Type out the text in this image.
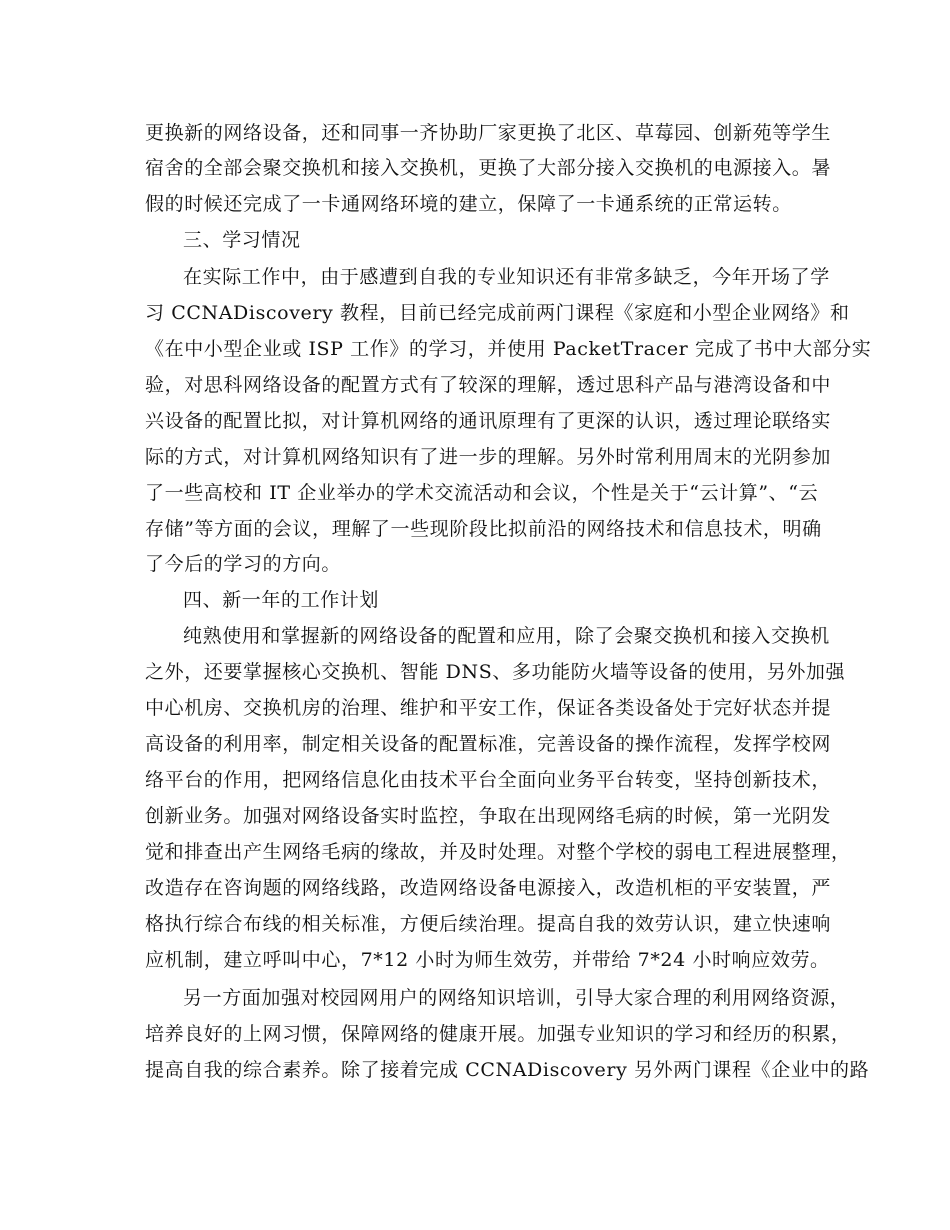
更换新的网络设备，还和同事一齐协助厂家更换了北区、草莓园、创新苑等学生
宿舍的全部会聚交换机和接入交换机，更换了大部分接入交换机的电源接入。暑
假的时候还完成了一卡通网络环境的建立，保障了一卡通系统的正常运转。
三、学习情况
在实际工作中，由于感遭到自我的专业知识还有非常多缺乏，今年开场了学
习 CCNADiscovery 教程，目前已经完成前两门课程《家庭和小型企业网络》和
《在中小型企业或 ISP 工作》的学习，并使用 PacketTracer 完成了书中大部分实
验，对思科网络设备的配置方式有了较深的理解，透过思科产品与港湾设备和中
兴设备的配置比拟，对计算机网络的通讯原理有了更深的认识，透过理论联络实
际的方式，对计算机网络知识有了进一步的理解。另外时常利用周末的光阴参加
了一些高校和 IT 企业举办的学术交流活动和会议，个性是关于“云计算”、“云
存储”等方面的会议，理解了一些现阶段比拟前沿的网络技术和信息技术，明确
了今后的学习的方向。
四、新一年的工作计划
纯熟使用和掌握新的网络设备的配置和应用，除了会聚交换机和接入交换机
之外，还要掌握核心交换机、智能 DNS、多功能防火墙等设备的使用，另外加强
中心机房、交换机房的治理、维护和平安工作，保证各类设备处于完好状态并提
高设备的利用率，制定相关设备的配置标准，完善设备的操作流程，发挥学校网
络平台的作用，把网络信息化由技术平台全面向业务平台转变，坚持创新技术，
创新业务。加强对网络设备实时监控，争取在出现网络毛病的时候，第一光阴发
觉和排查出产生网络毛病的缘故，并及时处理。对整个学校的弱电工程进展整理，
改造存在咨询题的网络线路，改造网络设备电源接入，改造机柜的平安装置，严
格执行综合布线的相关标准，方便后续治理。提高自我的效劳认识，建立快速响
应机制，建立呼叫中心，7*12 小时为师生效劳，并带给 7*24 小时响应效劳。
另一方面加强对校园网用户的网络知识培训，引导大家合理的利用网络资源，
培养良好的上网习惯，保障网络的健康开展。加强专业知识的学习和经历的积累，
提高自我的综合素养。除了接着完成 CCNADiscovery 另外两门课程《企业中的路
